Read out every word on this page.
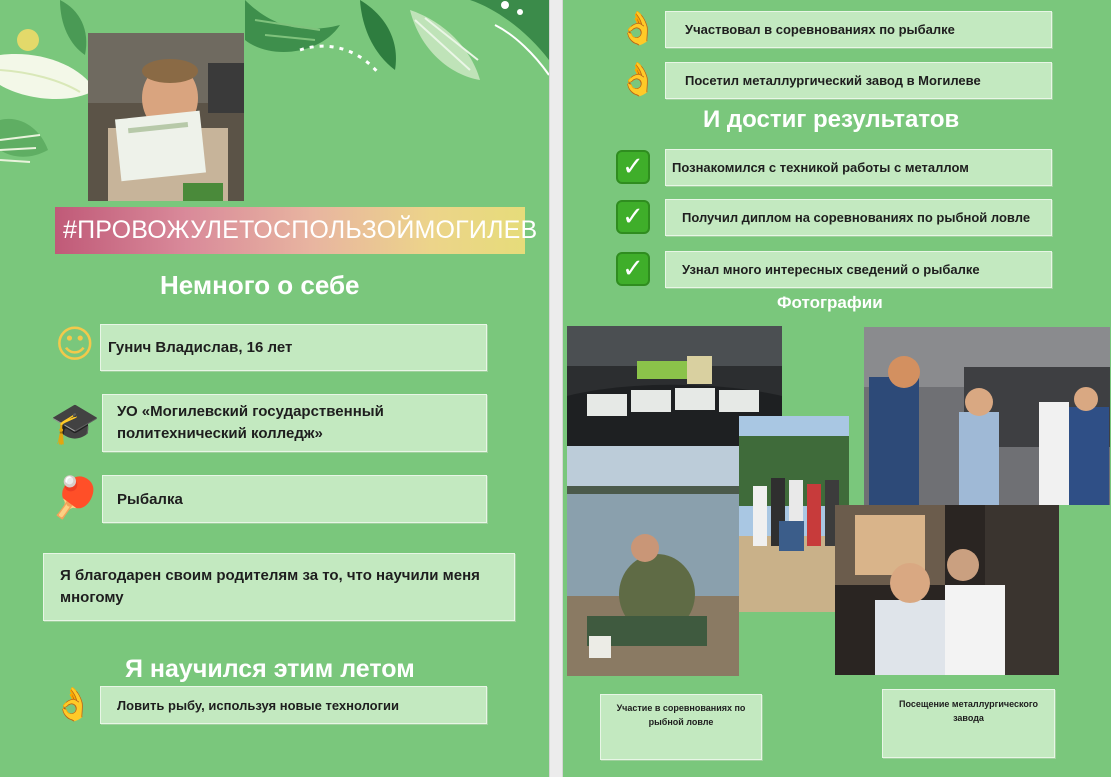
#ПРОВОЖУЛЕТОСПОЛЬЗОЙМОГИЛЕВ
Немного о себе
☺ Гунич Владислав, 16 лет
🎓 УО «Могилевский государственный политехнический колледж»
🏓 Рыбалка
Я благодарен своим родителям за то, что научили меня многому
Я научился этим летом
👌 Ловить рыбу, используя новые технологии
👌 Участвовал в соревнованиях по рыбалке
👌 Посетил металлургический завод в Могилеве
И достиг результатов
✓	Познакомился с техникой работы с металлом
✓	Получил диплом на соревнованиях по рыбной ловле
✓	Узнал много интересных сведений о рыбалке
Фотографии
Участие в соревнованиях по рыбной ловле
Посещение металлургического завода
